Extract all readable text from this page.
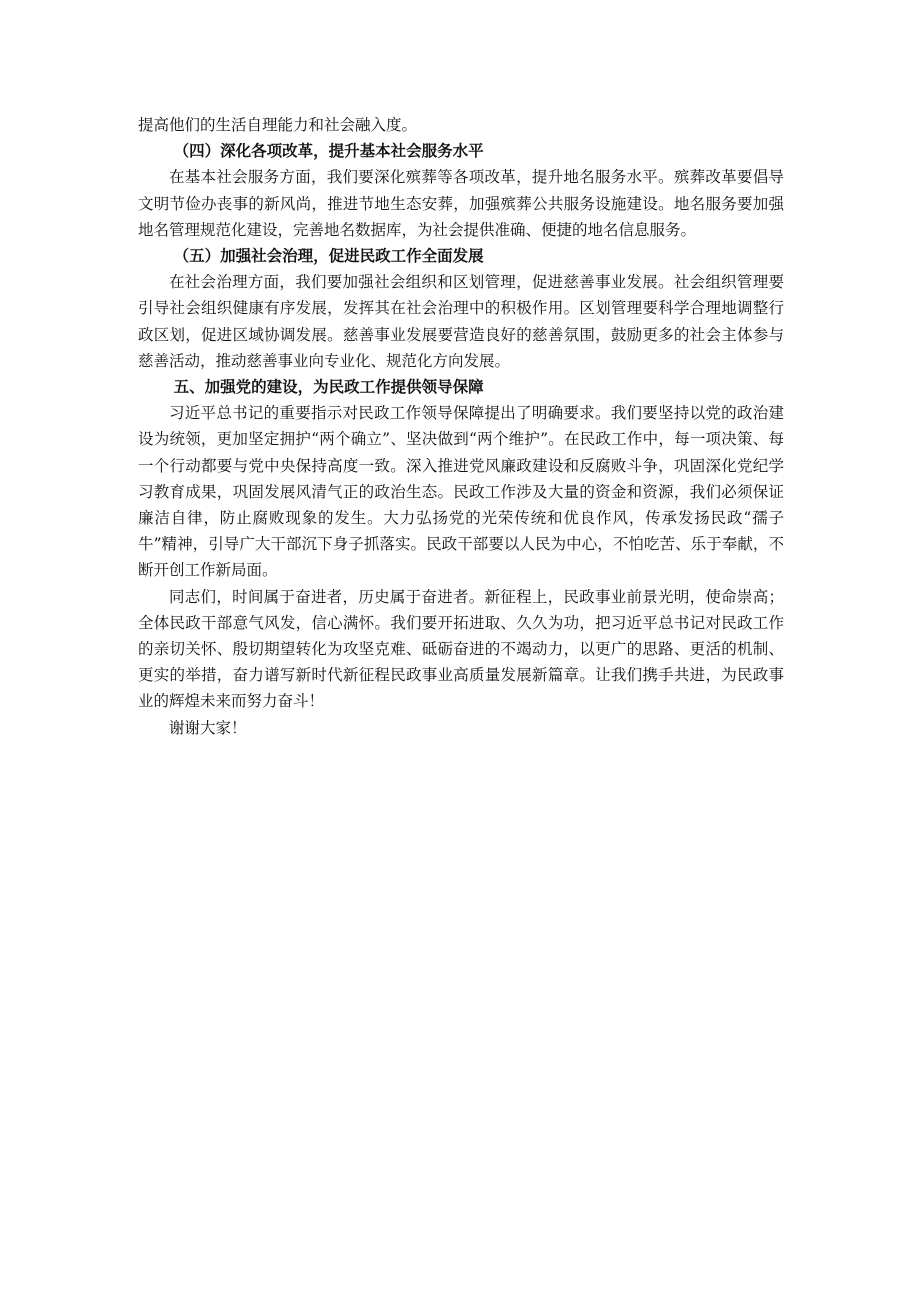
提高他们的生活自理能力和社会融入度。

（四）深化各项改革，提升基本社会服务水平

在基本社会服务方面，我们要深化殡葬等各项改革，提升地名服务水平。殡葬改革要倡导文明节俭办丧事的新风尚，推进节地生态安葬，加强殡葬公共服务设施建设。地名服务要加强地名管理规范化建设，完善地名数据库，为社会提供准确、便捷的地名信息服务。

（五）加强社会治理，促进民政工作全面发展

在社会治理方面，我们要加强社会组织和区划管理，促进慈善事业发展。社会组织管理要引导社会组织健康有序发展，发挥其在社会治理中的积极作用。区划管理要科学合理地调整行政区划，促进区域协调发展。慈善事业发展要营造良好的慈善氛围，鼓励更多的社会主体参与慈善活动，推动慈善事业向专业化、规范化方向发展。

五、加强党的建设，为民政工作提供领导保障

习近平总书记的重要指示对民政工作领导保障提出了明确要求。我们要坚持以党的政治建设为统领，更加坚定拥护“两个确立”、坚决做到“两个维护”。在民政工作中，每一项决策、每一个行动都要与党中央保持高度一致。深入推进党风廉政建设和反腐败斗争，巩固深化党纪学习教育成果，巩固发展风清气正的政治生态。民政工作涉及大量的资金和资源，我们必须保证廉洁自律，防止腐败现象的发生。大力弘扬党的光荣传统和优良作风，传承发扬民政“孺子牛”精神，引导广大干部沉下身子抓落实。民政干部要以人民为中心，不怕吃苦、乐于奉献，不断开创工作新局面。

同志们，时间属于奋进者，历史属于奋进者。新征程上，民政事业前景光明，使命崇高；全体民政干部意气风发，信心满怀。我们要开拓进取、久久为功，把习近平总书记对民政工作的亲切关怀、殷切期望转化为攻坚克难、砥砺奋进的不竭动力，以更广的思路、更活的机制、更实的举措，奋力谱写新时代新征程民政事业高质量发展新篇章。让我们携手共进，为民政事业的辉煌未来而努力奋斗！

谢谢大家！
